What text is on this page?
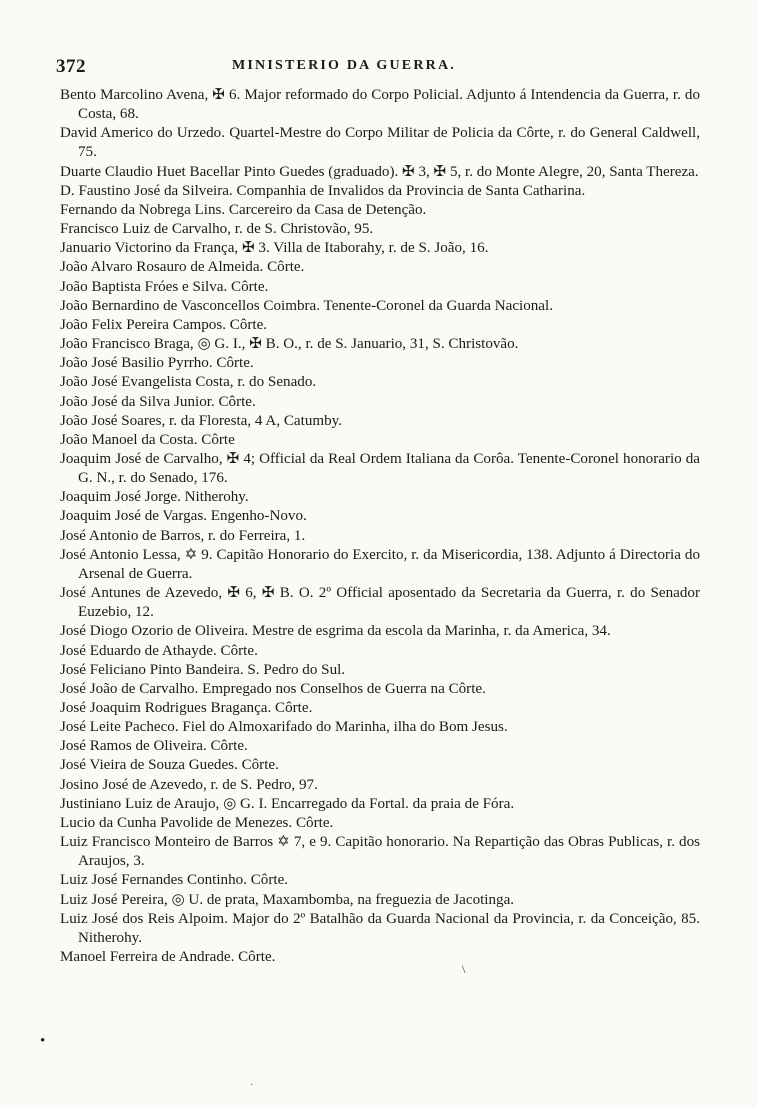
372	MINISTERIO DA GUERRA.

Bento Marcolino Avena, ✠ 6. Major reformado do Corpo Policial. Adjunto á Intendencia da Guerra, r. do Costa, 68.

David Americo do Urzedo. Quartel-Mestre do Corpo Militar de Policia da Côrte, r. do General Caldwell, 75.

Duarte Claudio Huet Bacellar Pinto Guedes (graduado). ✠ 3, ✠ 5, r. do Monte Alegre, 20, Santa Thereza.

D. Faustino José da Silveira. Companhia de Invalidos da Provincia de Santa Catharina.

Fernando da Nobrega Lins. Carcereiro da Casa de Detenção.

Francisco Luiz de Carvalho, r. de S. Christovão, 95.

Januario Victorino da França, ✠ 3. Villa de Itaborahy, r. de S. João, 16.

João Alvaro Rosauro de Almeida. Côrte.

João Baptista Fróes e Silva. Côrte.

João Bernardino de Vasconcellos Coimbra. Tenente-Coronel da Guarda Nacional.

João Felix Pereira Campos. Côrte.

João Francisco Braga, ◎ G. I., ✠ B. O., r. de S. Januario, 31, S. Christovão.

João José Basilio Pyrrho. Côrte.

João José Evangelista Costa, r. do Senado.

João José da Silva Junior. Côrte.

João José Soares, r. da Floresta, 4 A, Catumby.

João Manoel da Costa. Côrte

Joaquim José de Carvalho, ✠ 4; Official da Real Ordem Italiana da Corôa. Tenente-Coronel honorario da G. N., r. do Senado, 176.

Joaquim José Jorge. Nitherohy.

Joaquim José de Vargas. Engenho-Novo.

José Antonio de Barros, r. do Ferreira, 1.

José Antonio Lessa, ✡ 9. Capitão Honorario do Exercito, r. da Misericordia, 138. Adjunto á Directoria do Arsenal de Guerra.

José Antunes de Azevedo, ✠ 6, ✠ B. O. 2º Official aposentado da Secretaria da Guerra, r. do Senador Euzebio, 12.

José Diogo Ozorio de Oliveira. Mestre de esgrima da escola da Marinha, r. da America, 34.

José Eduardo de Athayde. Côrte.

José Feliciano Pinto Bandeira. S. Pedro do Sul.

José João de Carvalho. Empregado nos Conselhos de Guerra na Côrte.

José Joaquim Rodrigues Bragança. Côrte.

José Leite Pacheco. Fiel do Almoxarifado do Marinha, ilha do Bom Jesus.

José Ramos de Oliveira. Côrte.

José Vieira de Souza Guedes. Côrte.

Josino José de Azevedo, r. de S. Pedro, 97.

Justiniano Luiz de Araujo, ◎ G. I. Encarregado da Fortal. da praia de Fóra.

Lucio da Cunha Pavolide de Menezes. Côrte.

Luiz Francisco Monteiro de Barros ✡ 7, e 9. Capitão honorario. Na Repartição das Obras Publicas, r. dos Araujos, 3.

Luiz José Fernandes Continho. Côrte.

Luiz José Pereira, ◎ U. de prata, Maxambomba, na freguezia de Jacotinga.

Luiz José dos Reis Alpoim. Major do 2º Batalhão da Guarda Nacional da Provincia, r. da Conceição, 85. Nitherohy.

Manoel Ferreira de Andrade. Côrte.

•
\
·
